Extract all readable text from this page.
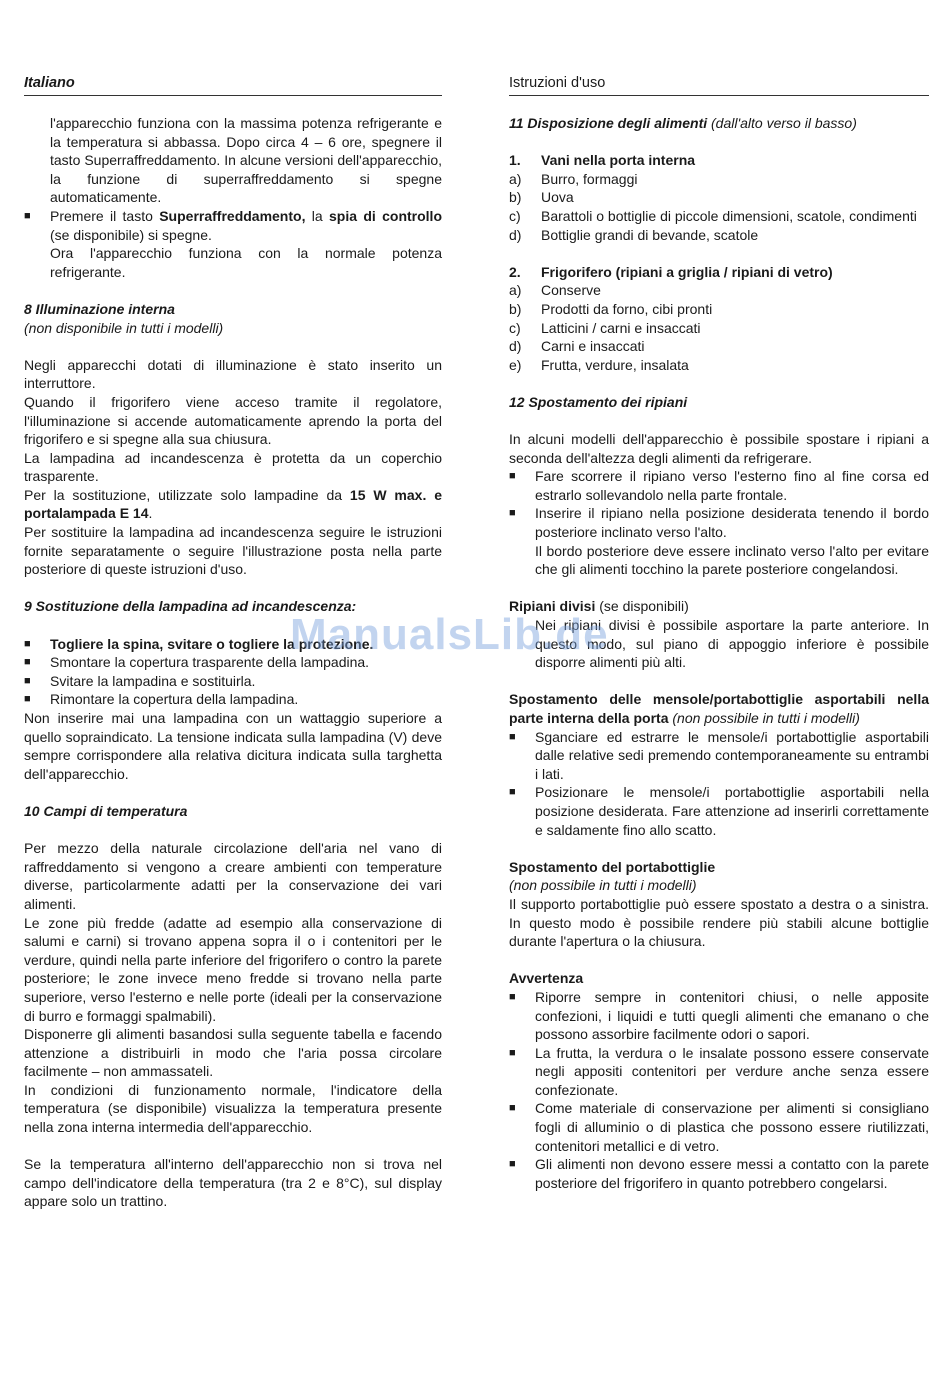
Italiano	Istruzioni d'uso

l'apparecchio funziona con la massima potenza refrigerante e la temperatura si abbassa. Dopo circa 4 – 6 ore, spegnere il tasto Superraffreddamento. In alcune versioni dell'apparecchio, la funzione di superraffreddamento si spegne automaticamente.

■	Premere il tasto Superraffreddamento, la spia di controllo (se disponibile) si spegne.

Ora l'apparecchio funziona con la normale potenza refrigerante.

8 Illuminazione interna

(non disponibile in tutti i modelli)

Negli apparecchi dotati di illuminazione è stato inserito un interruttore.

Quando il frigorifero viene acceso tramite il regolatore, l'illuminazione si accende automaticamente aprendo la porta del frigorifero e si spegne alla sua chiusura.

La lampadina ad incandescenza è protetta da un coperchio trasparente.

Per la sostituzione, utilizzate solo lampadine da 15 W max. e portalampada E 14.

Per sostituire la lampadina ad incandescenza seguire le istruzioni fornite separatamente o seguire l'illustrazione posta nella parte posteriore di queste istruzioni d'uso.

9 Sostituzione della lampadina ad incandescenza:

■	Togliere la spina, svitare o togliere la protezione.
■	Smontare la copertura trasparente della lampadina.
■	Svitare la lampadina e sostituirla.
■	Rimontare la copertura della lampadina.

Non inserire mai una lampadina con un wattaggio superiore a quello sopraindicato. La tensione indicata sulla lampadina (V) deve sempre corrispondere alla relativa dicitura indicata sulla targhetta dell'apparecchio.

10 Campi di temperatura

Per mezzo della naturale circolazione dell'aria nel vano di raffreddamento si vengono a creare ambienti con temperature diverse, particolarmente adatti per la conservazione dei vari alimenti.

Le zone più fredde (adatte ad esempio alla conservazione di salumi e carni) si trovano appena sopra il o i contenitori per le verdure, quindi nella parte inferiore del frigorifero o contro la parete posteriore; le zone invece meno fredde si trovano nella parte superiore, verso l'esterno e nelle porte (ideali per la conservazione di burro e formaggi spalmabili).

Disponerre gli alimenti basandosi sulla seguente tabella e facendo attenzione a distribuirli in modo che l'aria possa circolare facilmente – non ammassateli.

In condizioni di funzionamento normale, l'indicatore della temperatura (se disponibile) visualizza la temperatura presente nella zona interna intermedia dell'apparecchio.

Se la temperatura all'interno dell'apparecchio non si trova nel campo dell'indicatore della temperatura (tra 2 e 8°C), sul display appare solo un trattino.

11 Disposizione degli alimenti (dall'alto verso il basso)

1.	Vani nella porta interna
a)	Burro, formaggi
b)	Uova
c)	Barattoli o bottiglie di piccole dimensioni, scatole, condimenti
d)	Bottiglie grandi di bevande, scatole
2.	Frigorifero (ripiani a griglia / ripiani di vetro)
a)	Conserve
b)	Prodotti da forno, cibi pronti
c)	Latticini / carni e insaccati
d)	Carni e insaccati
e)	Frutta, verdure, insalata

12 Spostamento dei ripiani

In alcuni modelli dell'apparecchio è possibile spostare i ripiani a seconda dell'altezza degli alimenti da refrigerare.

■	Fare scorrere il ripiano verso l'esterno fino al fine corsa ed estrarlo sollevandolo nella parte frontale.
■	Inserire il ripiano nella posizione desiderata tenendo il bordo posteriore inclinato verso l'alto.

Il bordo posteriore deve essere inclinato verso l'alto per evitare che gli alimenti tocchino la parete posteriore congelandosi.

Ripiani divisi (se disponibili)

Nei ripiani divisi è possibile asportare la parte anteriore. In questo modo, sul piano di appoggio inferiore è possibile disporre alimenti più alti.

Spostamento delle mensole/portabottiglie asportabili nella parte interna della porta (non possibile in tutti i modelli)

■	Sganciare ed estrarre le mensole/i portabottiglie asportabili dalle relative sedi premendo contemporaneamente su entrambi i lati.
■	Posizionare le mensole/i portabottiglie asportabili nella posizione desiderata. Fare attenzione ad inserirli correttamente e saldamente fino allo scatto.

Spostamento del portabottiglie

(non possibile in tutti i modelli)

Il supporto portabottiglie può essere spostato a destra o a sinistra. In questo modo è possibile rendere più stabili alcune bottiglie durante l'apertura o la chiusura.

Avvertenza

■	Riporre sempre in contenitori chiusi, o nelle apposite confezioni, i liquidi e tutti quegli alimenti che emanano o che possono assorbire facilmente odori o sapori.
■	La frutta, la verdura o le insalate possono essere conservate negli appositi contenitori per verdure anche senza essere confezionate.
■	Come materiale di conservazione per alimenti si consigliano fogli di alluminio o di plastica che possono essere riutilizzati, contenitori metallici e di vetro.
■	Gli alimenti non devono essere messi a contatto con la parete posteriore del frigorifero in quanto potrebbero congelarsi.
ManualsLib.de
